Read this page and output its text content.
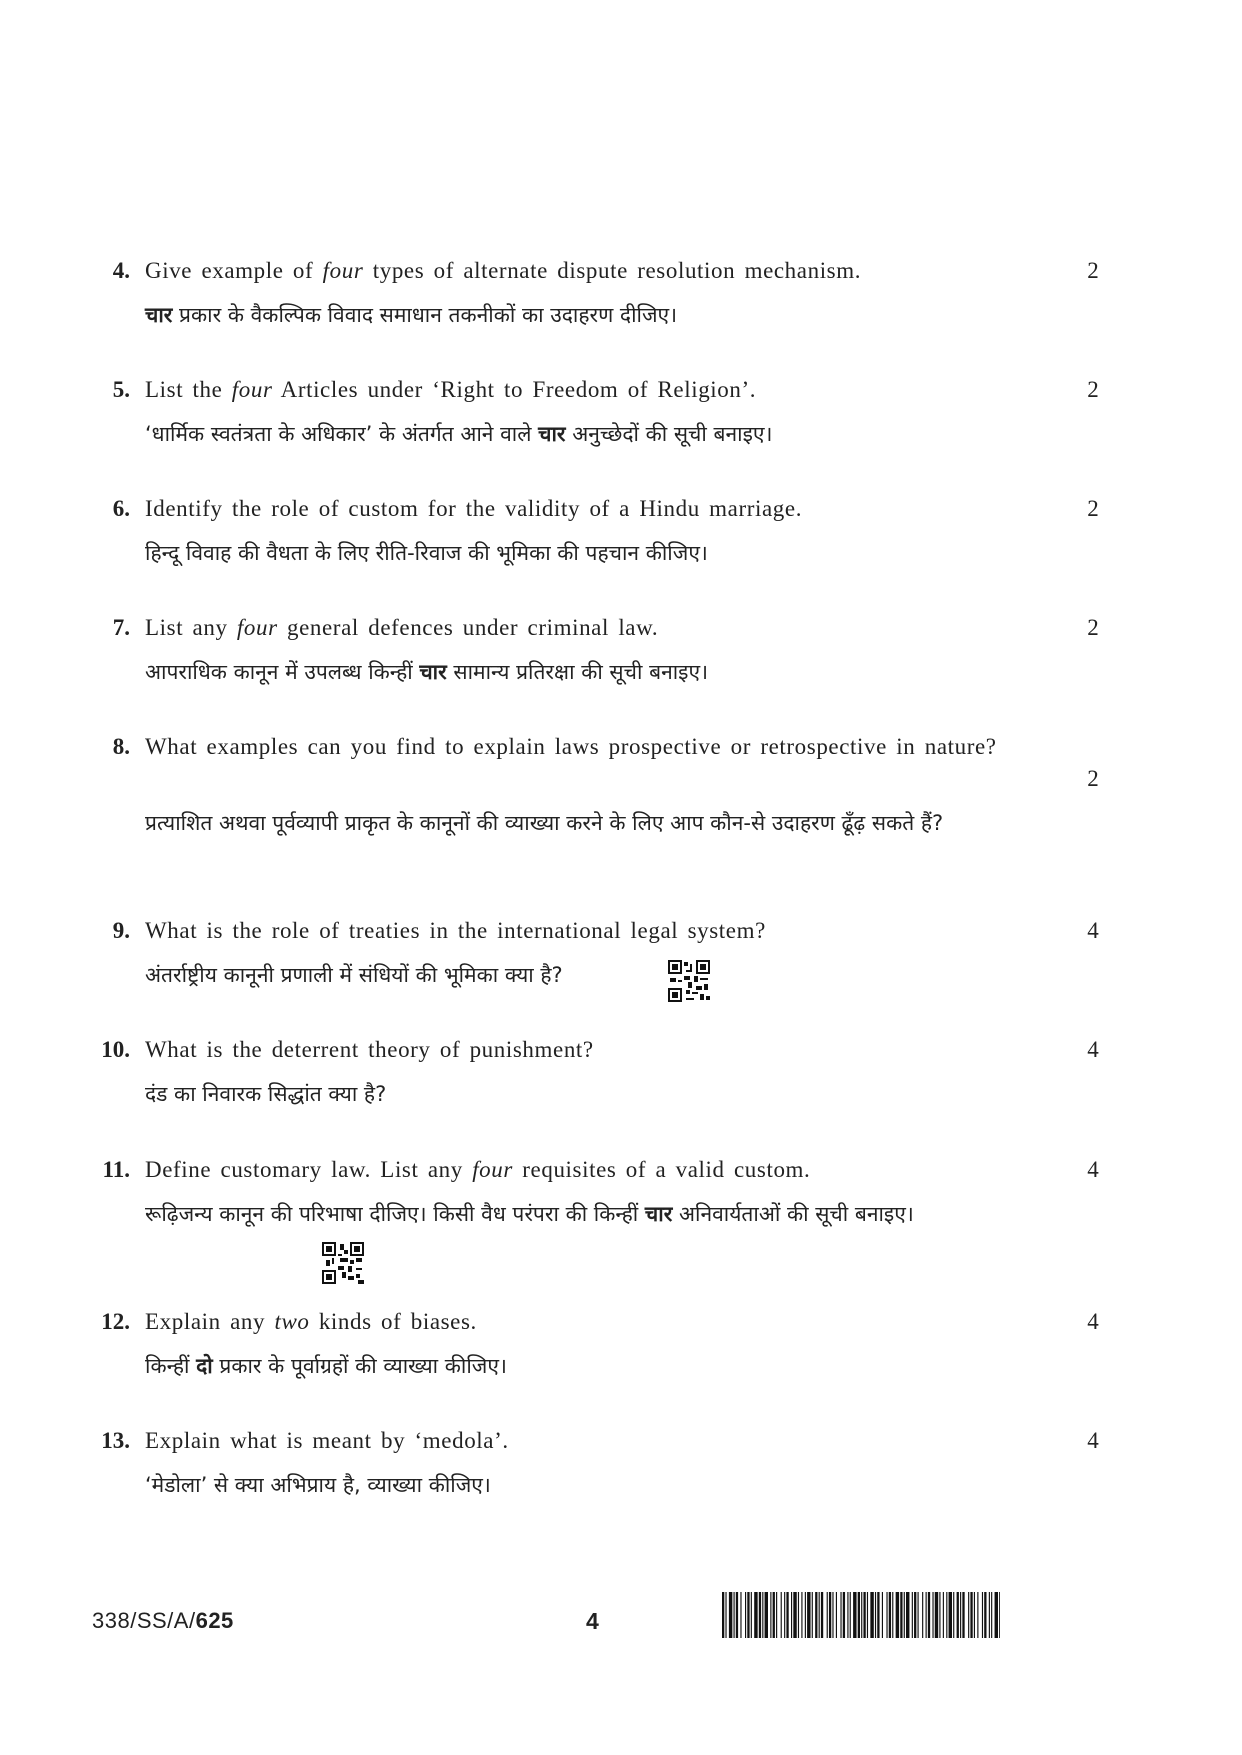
4. Give example of four types of alternate dispute resolution mechanism.
चार प्रकार के वैकल्पिक विवाद समाधान तकनीकों का उदाहरण दीजिए।
2
5. List the four Articles under ‘Right to Freedom of Religion’.
‘धार्मिक स्वतंत्रता के अधिकार’ के अंतर्गत आने वाले चार अनुच्छेदों की सूची बनाइए।
2
6. Identify the role of custom for the validity of a Hindu marriage.
हिन्दू विवाह की वैधता के लिए रीति-रिवाज की भूमिका की पहचान कीजिए।
2
7. List any four general defences under criminal law.
आपराधिक कानून में उपलब्ध किन्हीं चार सामान्य प्रतिरक्षा की सूची बनाइए।
2
8. What examples can you find to explain laws prospective or retrospective in nature?
प्रत्याशित अथवा पूर्वव्यापी प्राकृत के कानूनों की व्याख्या करने के लिए आप कौन-से उदाहरण ढूँढ़ सकते हैं?
2
9. What is the role of treaties in the international legal system?
अंतर्राष्ट्रीय कानूनी प्रणाली में संधियों की भूमिका क्या है?
4
10. What is the deterrent theory of punishment?
दंड का निवारक सिद्धांत क्या है?
4
11. Define customary law. List any four requisites of a valid custom.
रूढ़िजन्य कानून की परिभाषा दीजिए। किसी वैध परंपरा की किन्हीं चार अनिवार्यताओं की सूची बनाइए।
4
12. Explain any two kinds of biases.
किन्हीं दो प्रकार के पूर्वाग्रहों की व्याख्या कीजिए।
4
13. Explain what is meant by ‘medola’.
‘मेडोला’ से क्या अभिप्राय है, व्याख्या कीजिए।
4
338/SS/A/625	4
